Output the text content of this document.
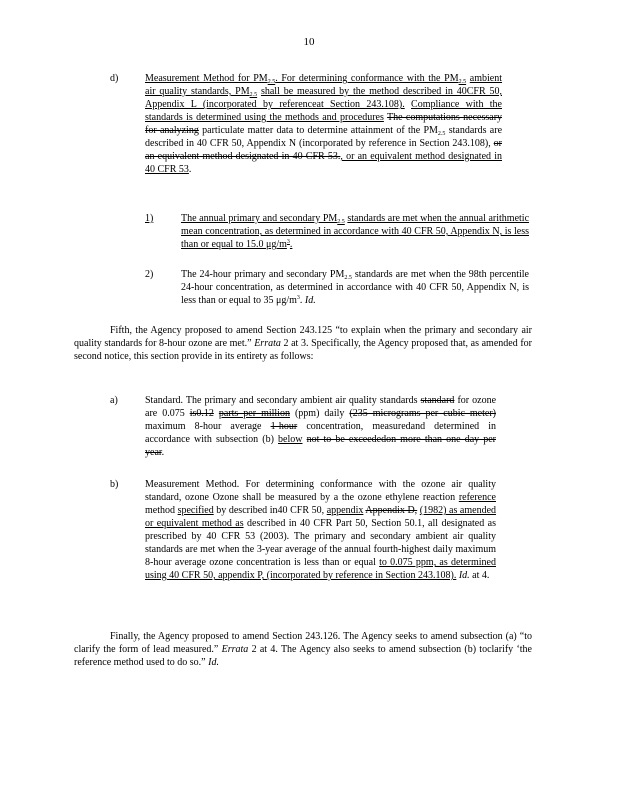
10
d)	Measurement Method for $PM_{2.5}$. For determining conformance with the $PM_{2.5}$ ambient air quality standards, $PM_{2.5}$ shall be measured by the method described in 40CFR 50, Appendix L (incorporated by referenceat Section 243.108). Compliance with the standards is determined using the methods and procedures The computations necessary for analyzing particulate matter data to determine attainment of the $PM_{2.5}$ standards are described in 40 CFR 50, Appendix N (incorporated by reference in Section 243.108), or an equivalent method designated in 40 CFR 53., or an equivalent method designated in 40 CFR 53.
1)	The annual primary and secondary $PM_{2.5}$ standards are met when the annual arithmetic mean concentration, as determined in accordance with 40 CFR 50, Appendix N, is less than or equal to 15.0 $\mu g/m^3$.
2)	The 24-hour primary and secondary $PM_{2.5}$ standards are met when the 98th percentile 24-hour concentration, as determined in accordance with 40 CFR 50, Appendix N, is less than or equal to 35 $\mu g/m^3$. Id.
Fifth, the Agency proposed to amend Section 243.125 “to explain when the primary and secondary air quality standards for 8-hour ozone are met.” Errata 2 at 3. Specifically, the Agency proposed that, as amended for second notice, this section provide in its entirety as follows:
a)	Standard. The primary and secondary ambient air quality standards standard for ozone are 0.075 is0.12 parts per million (ppm) daily (235 micrograms per cubic meter) maximum 8-hour average 1-hour concentration, measuredand determined in accordance with subsection (b) below not to be exceededon more than one day per year.
b)	Measurement Method. For determining conformance with the ozone air quality standard, ozone Ozone shall be measured by a the ozone ethylene reaction reference method specified by described in40 CFR 50, appendix Appendix D, (1982) as amended or equivalent method as described in 40 CFR Part 50, Section 50.1, all designated as prescribed by 40 CFR 53 (2003). The primary and secondary ambient air quality standards are met when the 3-year average of the annual fourth-highest daily maximum 8-hour average ozone concentration is less than or equal to 0.075 ppm, as determined using 40 CFR 50, appendix P, (incorporated by reference in Section 243.108). Id. at 4.
Finally, the Agency proposed to amend Section 243.126. The Agency seeks to amend subsection (a) “to clarify the form of lead measured.” Errata 2 at 4. The Agency also seeks to amend subsection (b) toclarify ‘the reference method used to do so.” Id.
